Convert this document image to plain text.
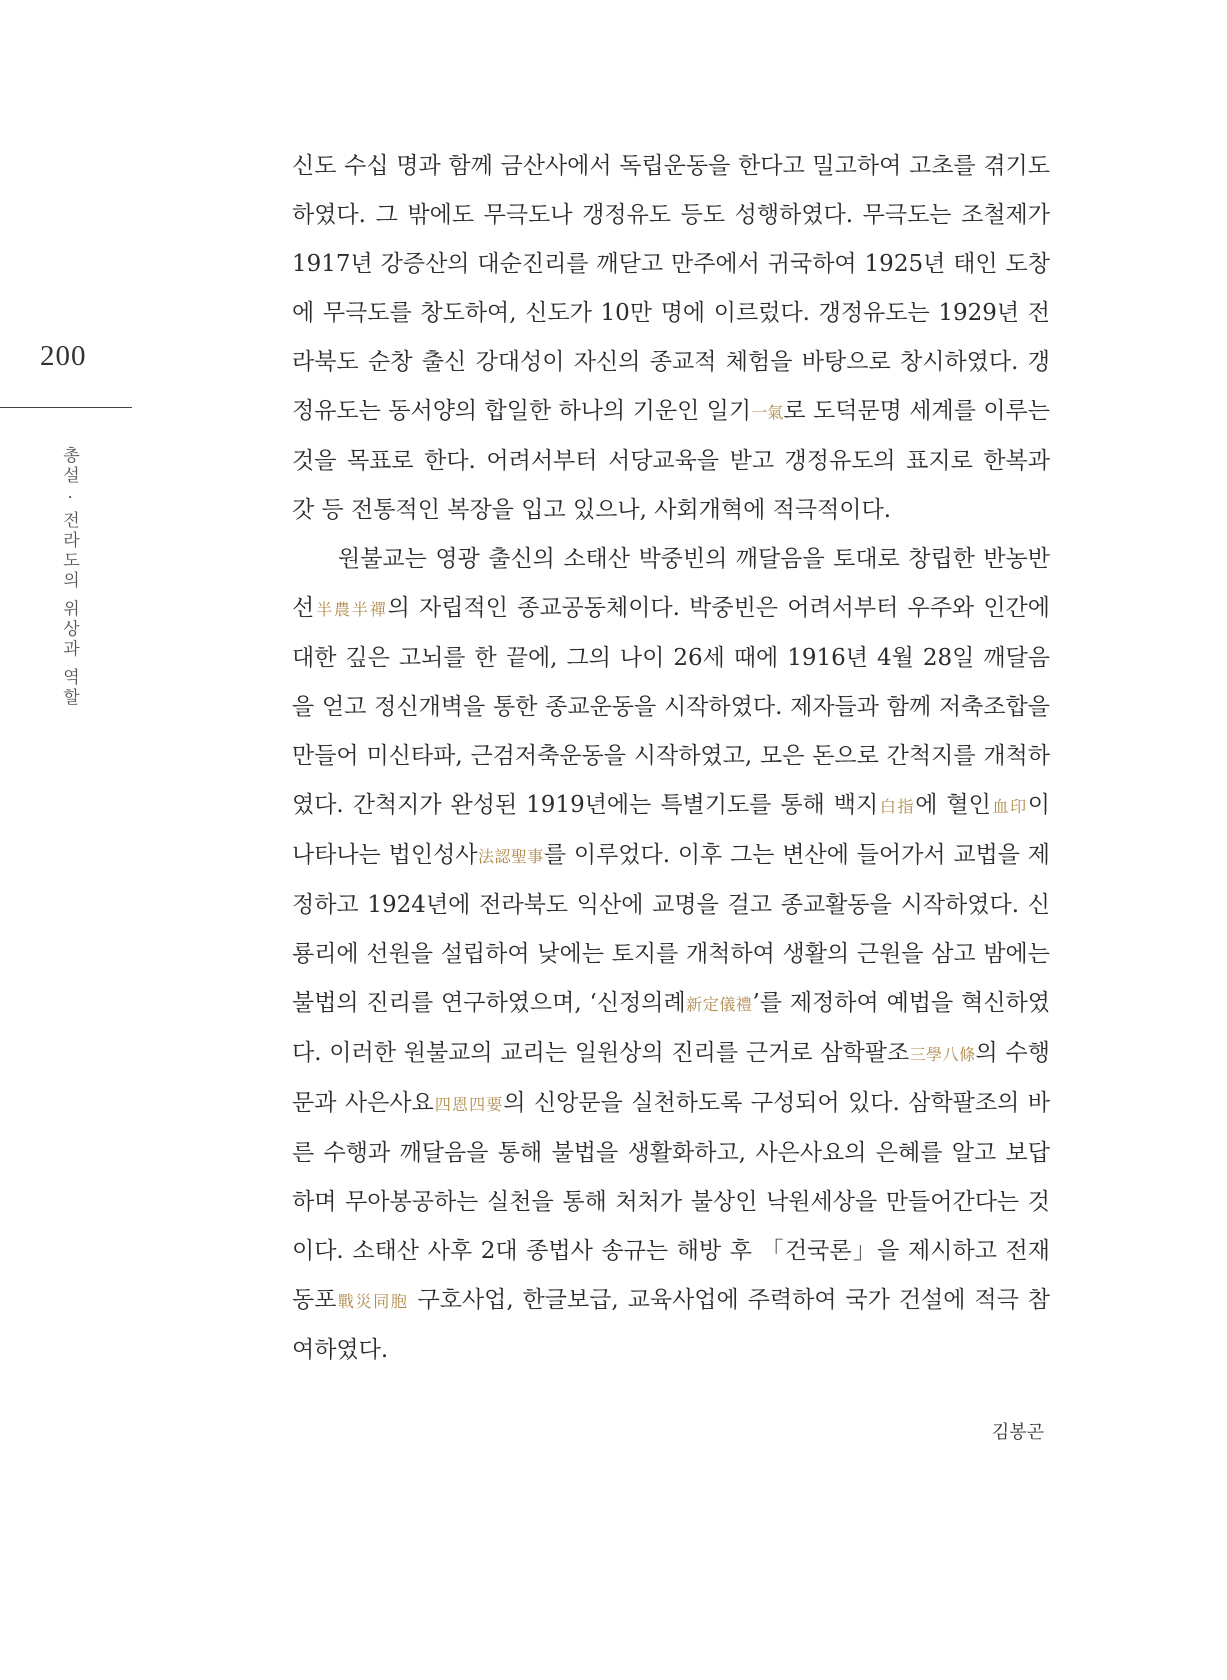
200
총설 · 전라도의 위상과 역할

신도 수십 명과 함께 금산사에서 독립운동을 한다고 밀고하여 고초를 겪기도 하였다. 그 밖에도 무극도나 갱정유도 등도 성행하였다. 무극도는 조철제가 1917년 강증산의 대순진리를 깨닫고 만주에서 귀국하여 1925년 태인 도창에 무극도를 창도하여, 신도가 10만 명에 이르렀다. 갱정유도는 1929년 전라북도 순창 출신 강대성이 자신의 종교적 체험을 바탕으로 창시하였다. 갱정유도는 동서양의 합일한 하나의 기운인 일기一氣로 도덕문명 세계를 이루는 것을 목표로 한다. 어려서부터 서당교육을 받고 갱정유도의 표지로 한복과 갓 등 전통적인 복장을 입고 있으나, 사회개혁에 적극적이다.

원불교는 영광 출신의 소태산 박중빈의 깨달음을 토대로 창립한 반농반선半農半禪의 자립적인 종교공동체이다. 박중빈은 어려서부터 우주와 인간에 대한 깊은 고뇌를 한 끝에, 그의 나이 26세 때에 1916년 4월 28일 깨달음을 얻고 정신개벽을 통한 종교운동을 시작하였다. 제자들과 함께 저축조합을 만들어 미신타파, 근검저축운동을 시작하였고, 모은 돈으로 간척지를 개척하였다. 간척지가 완성된 1919년에는 특별기도를 통해 백지白指에 혈인血印이 나타나는 법인성사法認聖事를 이루었다. 이후 그는 변산에 들어가서 교법을 제정하고 1924년에 전라북도 익산에 교명을 걸고 종교활동을 시작하였다. 신룡리에 선원을 설립하여 낮에는 토지를 개척하여 생활의 근원을 삼고 밤에는 불법의 진리를 연구하였으며, ‘신정의례新定儀禮’를 제정하여 예법을 혁신하였다. 이러한 원불교의 교리는 일원상의 진리를 근거로 삼학팔조三學八條의 수행문과 사은사요四恩四要의 신앙문을 실천하도록 구성되어 있다. 삼학팔조의 바른 수행과 깨달음을 통해 불법을 생활화하고, 사은사요의 은혜를 알고 보답하며 무아봉공하는 실천을 통해 처처가 불상인 낙원세상을 만들어간다는 것이다. 소태산 사후 2대 종법사 송규는 해방 후 「건국론」을 제시하고 전재동포戰災同胞 구호사업, 한글보급, 교육사업에 주력하여 국가 건설에 적극 참여하였다.

김봉곤
